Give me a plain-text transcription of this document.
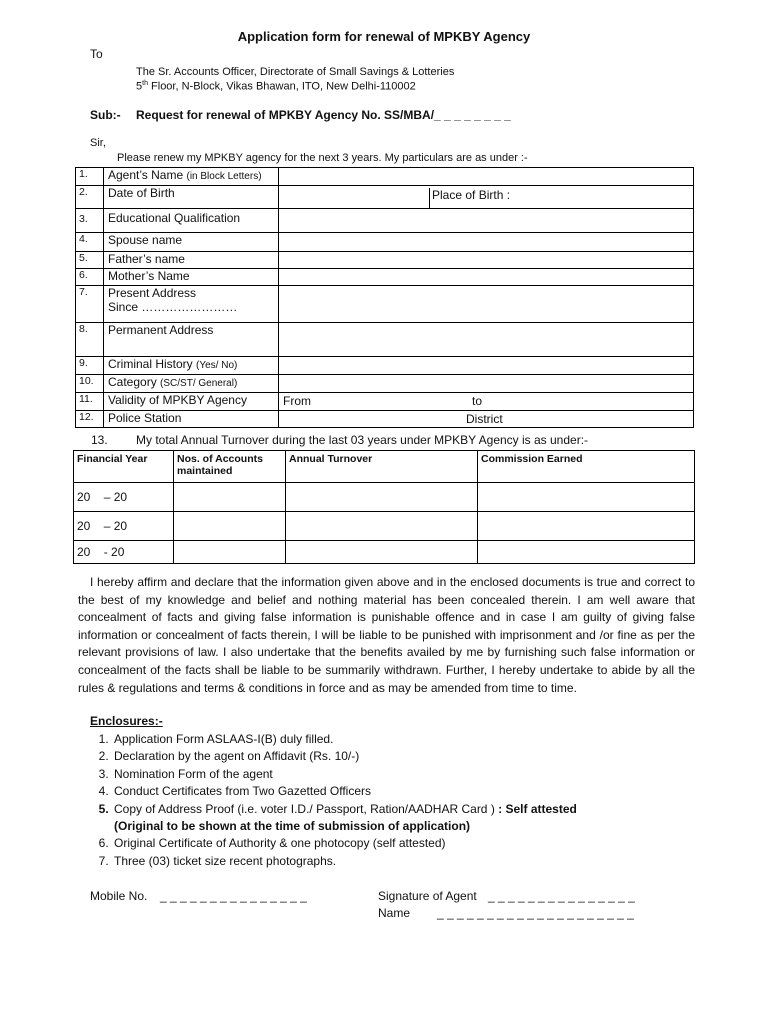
Application form for renewal of MPKBY Agency
To
The Sr. Accounts Officer, Directorate of Small Savings & Lotteries
5th Floor, N-Block, Vikas Bhawan, ITO, New Delhi-110002
Sub:- Request for renewal of MPKBY Agency No. SS/MBA/_ _ _ _ _ _ _ _
Sir,
Please renew my MPKBY agency for the next 3 years. My particulars are as under :-
1.	Agent’s Name (in Block Letters)	
2.	Date of Birth	Place of Birth :

3.	Educational Qualification	
4.	Spouse name	
5.	Father’s name	
6.	Mother’s Name	
7.	Present Address
Since ……………………	

8.	Permanent Address	
9.	Criminal History (Yes/ No)	
10.	Category (SC/ST/ General)	
11.	Validity of MPKBY Agency	From to

12.	Police Station	District
13. My total Annual Turnover during the last 03 years under MPKBY Agency is as under:-
Financial Year	Nos. of Accounts maintained	Annual Turnover	Commission Earned
20 – 20			
20 – 20			
20 - 20			
I hereby affirm and declare that the information given above and in the enclosed documents is true and correct to the best of my knowledge and belief and nothing material has been concealed therein. I am well aware that concealment of facts and giving false information is punishable offence and in case I am guilty of giving false information or concealment of facts therein, I will be liable to be punished with imprisonment and /or fine as per the relevant provisions of law. I also undertake that the benefits availed by me by furnishing such false information or concealment of the facts shall be liable to be summarily withdrawn. Further, I hereby undertake to abide by all the rules & regulations and terms & conditions in force and as may be amended from time to time.
Enclosures:-
1. Application Form ASLAAS-I(B) duly filled.
2. Declaration by the agent on Affidavit (Rs. 10/-)
3. Nomination Form of the agent
4. Conduct Certificates from Two Gazetted Officers
5. Copy of Address Proof (i.e. voter I.D./ Passport, Ration/AADHAR Card ) : Self attested
(Original to be shown at the time of submission of application)
6. Original Certificate of Authority & one photocopy (self attested)
7. Three (03) ticket size recent photographs.
Mobile No. _ _ _ _ _ _ _ _ _ _ _ _ _ _ _	Signature of Agent _ _ _ _ _ _ _ _ _ _ _ _ _ _ _
Name _ _ _ _ _ _ _ _ _ _ _ _ _ _ _ _ _ _ _ _
